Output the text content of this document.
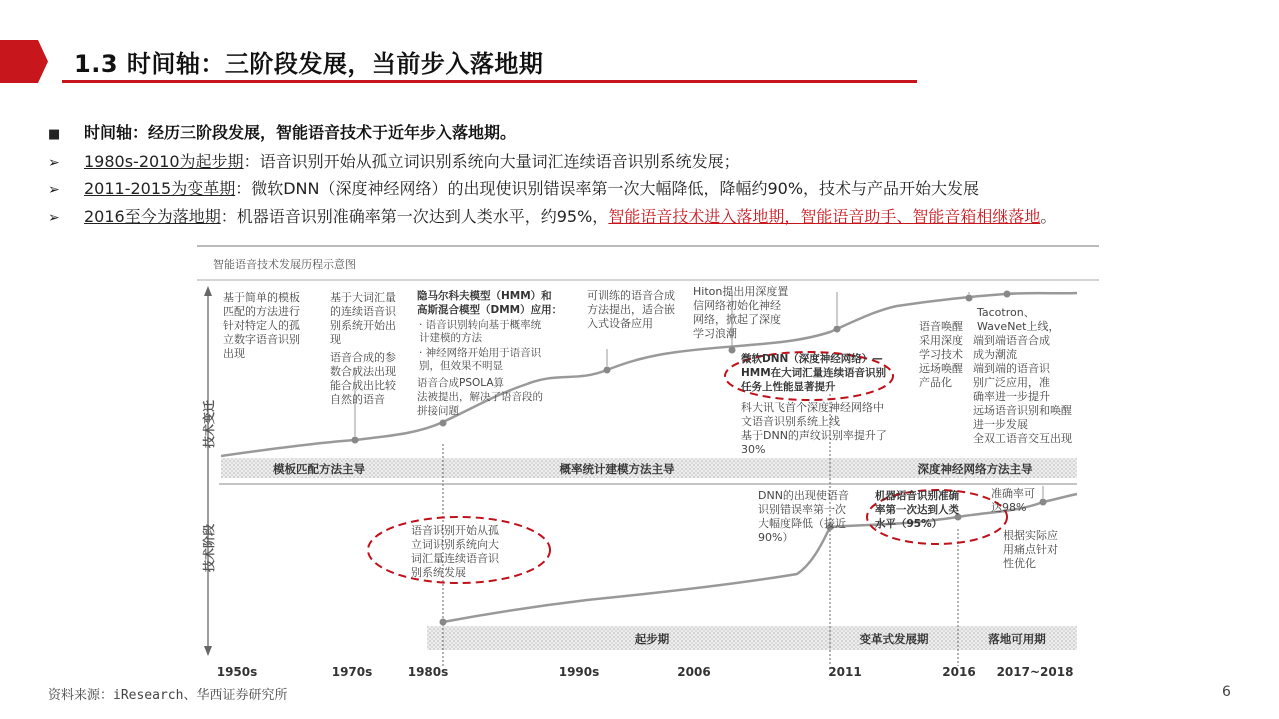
1.3 时间轴：三阶段发展，当前步入落地期
■	时间轴：经历三阶段发展，智能语音技术于近年步入落地期。
➢	1980s-2010为起步期 ：语音识别开始从孤立词识别系统向大量词汇连续语音识别系统发展；
➢	2011-2015为变革期 ：微软DNN（深度神经网络）的出现使识别错误率第一次大幅降低，降幅约90%，技术与产品开始大发展
➢	2016至今为落地期 ：机器语音识别准确率第一次达到人类水平，约95%， 智能语音技术进入落地期，智能语音助手、智能音箱相继落地 。
智能语音技术发展历程示意图
技术变迁
技术阶段
模板匹配方法主导	概率统计建模方法主导	深度神经网络方法主导
起步期	变革式发展期	落地可用期
基于简单的模板 匹配的方法进行 针对特定人的孤 立数字语音识别 出现
基于大词汇量 的连续语音识 别系统开始出 现 语音合成的参 数合成法出现 能合成出比较 自然的语音
隐马尔科夫模型（HMM）和 高斯混合模型（DMM）应用：
· 语音识别转向基于概率统 计建模的方法 · 神经网络开始用于语音识 别，但效果不明显 语音合成PSOLA算 法被提出，解决了语音段的 拼接问题
可训练的语音合成 方法提出，适合嵌 入式设备应用
Hiton提出用深度置 信网络初始化神经 网络，掀起了深度 学习浪潮
微软DNN（深度神经网络）— HMM在大词汇量连续语音识别 任务上性能显著提升
科大讯飞首个深度神经网络中 文语音识别系统上线 基于DNN的声纹识别率提升了 30%
语音唤醒 采用深度 学习技术 远场唤醒 产品化
Tacotron、 WaveNet上线， 端到端语音合成 成为潮流 端到端的语音识 别广泛应用，准 确率进一步提升 远场语音识别和唤醒 进一步发展 全双工语音交互出现
语音识别开始从孤 立词识别系统向大 词汇量连续语音识 别系统发展
DNN的出现使语音 识别错误率第一次 大幅度降低（接近 90%）
机器语音识别准确 率第一次达到人类 水平（95%）
准确率可 达98%
根据实际应 用痛点针对 性优化
1950s	1970s	1980s	1990s	2006	2011	2016 2017~2018
资料来源：iResearch、华西证券研究所	6
